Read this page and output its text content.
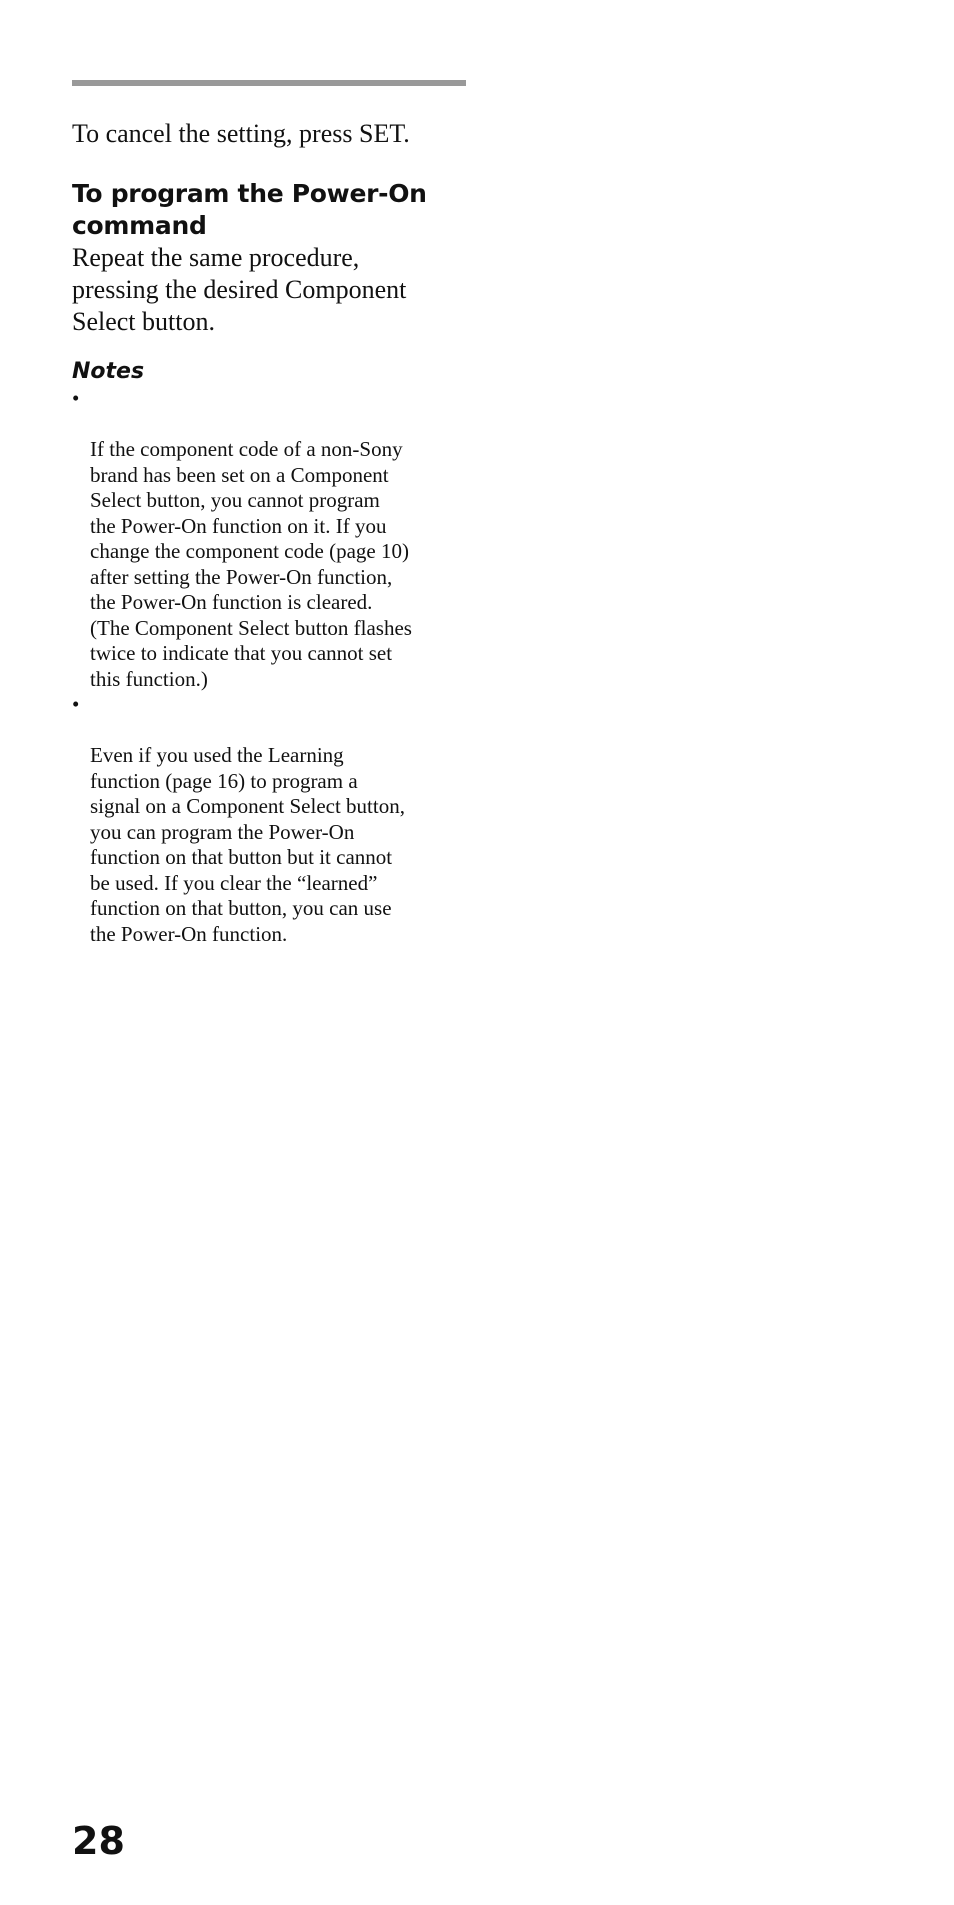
To cancel the setting, press SET.

To program the Power-On
command

Repeat the same procedure,
pressing the desired Component
Select button.

Notes

•

If the component code of a non-Sony
brand has been set on a Component
Select button, you cannot program
the Power-On function on it. If you
change the component code (page 10)
after setting the Power-On function,
the Power-On function is cleared.
(The Component Select button flashes
twice to indicate that you cannot set
this function.)

•

Even if you used the Learning
function (page 16) to program a
signal on a Component Select button,
you can program the Power-On
function on that button but it cannot
be used. If you clear the “learned”
function on that button, you can use
the Power-On function.

28
